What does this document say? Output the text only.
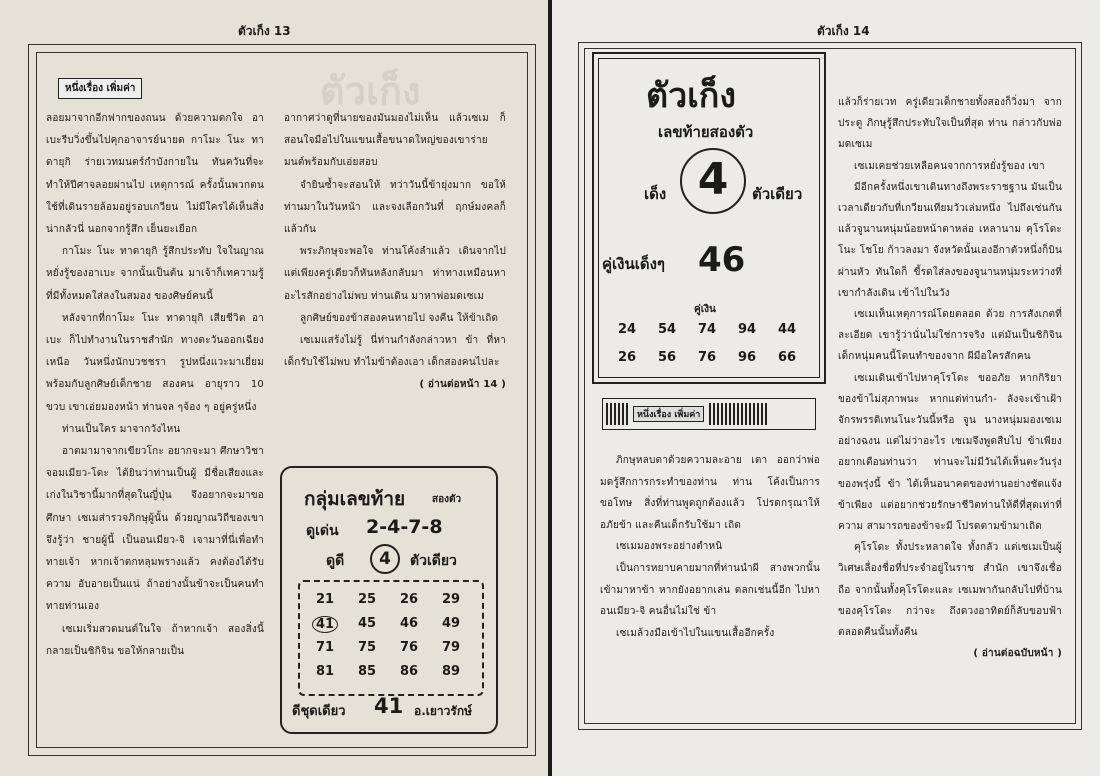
ตัวเก็ง 13
ตัวเก็ง
หนึ่งเรื่อง เพิ่มค่า

ลอยมาจากอีกฟากของถนน ด้วยความตกใจ อาเบะรีบวิ่งขึ้นไปคุกอาจารย์นายด กาโมะ โนะ ทาดายุกิ ร่ายเวทมนตร์กำบังกายใน ทันควันที่จะทำให้ปีศาจลอยผ่านไป เหตุการณ์ ครั้งนั้นพวกตนใช้ที่เดินรายล้อมอยู่รอบเกวียน ไม่มีใครได้เห็นสิ่งน่ากลัวนี่ นอกจากรู้สึก เย็นยะเยือก

กาโมะ โนะ ทาดายุกิ รู้สึกประทับ ใจในญาณหยั่งรู้ของอาเบะ จากนั้นเป็นต้น มาเจ้าก็เทความรู้ที่มีทั้งหมดใส่ลงในสมอง ของศิษย์คนนี้

หลังจากที่กาโมะ โนะ ทาดายุกิ เสียชีวิต อาเบะ ก็ไปทำงานในราชสำนัก ทางตะวันออกเฉียงเหนือ วันหนึ่งนักบวชชรา รูปหนึ่งแวะมาเยี่ยม พร้อมกับลูกศิษย์เด็กชาย สองคน อายุราว 10 ขวบ เขาเอ่ยมองหน้า ท่านจล ๆจ้อง ๆ อยู่ครู่หนึ่ง

ท่านเป็นใคร มาจากวังไหน

อาตมามาจากเขียวโกะ อยากจะมา ศึกษาวิชาจอมเมียว-โดะ ได้ยินว่าท่านเป็นผู้ มีชื่อเสียงและเก่งในวิชานี้มากที่สุดในญี่ปุ่น จึงอยากจะมาขอศึกษา เซเมส่ารวจภิกษุผู้นั้น ด้วยญาณวิถีของเขาจึงรู้ว่า ชายผู้นี้ เป็นอนเมียว-จิ เจามาที่นี่เพื่อทำทายเจ้า หากเจ้าตกหลุมพรางแล้ว คงต้องได้รับความ อับอายเป็นแน่ ถ้าอย่างนั้นข้าจะเป็นคนทำ ทายท่านเอง

เซเมเริ่มสวดมนต์ในใจ ถ้าหากเจ้า สองสิ่งนี้กลายเป็นชิกิจิน ขอให้กลายเป็น

อากาศว่าดูที่นายของมันมองไม่เห็น แล้วเซเม ก็สอนใจมือไปในแขนเสื้อขนาดใหญ่ของเขาร่าย มนต์พร้อมกับเอ่ยสอบ

จำยินซ้ำจะสอนให้ ทว่าวันนี้ข้ายุ่งมาก ขอให้ท่านมาในวันหน้า และจงเลือกวันที่ ฤกษ์มงคลก็แล้วกัน

พระภิกษุจะพอใจ ท่านโค้งลำแล้ว เดินจากไป แต่เพียงครู่เดียวก็หันหลังกลับมา ท่าทางเหมือนหาอะไรสักอย่างไม่พบ ท่านเดิน มาหาพ่อมดเซเม

ลูกศิษย์ของข้าสองคนหายไป จงคืน ให้ข้าเถิด

เซเมแสร้งไม่รู้ นี่ท่านกำลังกล่าวหา ข้า ที่หาเด็กรับใช้ไม่พบ ทำไมข้าต้องเอา เด็กสองคนไปละ

( อ่านต่อหน้า 14 )

กลุ่มเลขท้าย	สองตัว
ดูเด่น 2-4-7-8
ดูดี	4	ตัวเดียว
21	25	26	29
41	45	46	49
71	75	76	79
81	85	86	89
ดีชุดเดียว 41 อ.เยาวรักษ์
ตัวเก็ง 14
ตัวเก็ง
เลขท้ายสองตัว
เด็ง 4	ตัวเดียว
คู่เงินเด็งๆ 46
คู่เงิน
24	54	74	94	44
26	56	76	96	66
หนึ่งเรื่อง เพิ่มค่า

ภิกษุหลบตาด้วยความละอาย เตา ออกว่าพ่อมดรู้สึกการกระทำของท่าน ท่าน โค้งเป็นการขอโทษ สิ่งที่ท่านพูดถูกต้องแล้ว โปรดกรุณาให้อภัยข้า และคืนเด็กรับใช้มา เถิด

เซเมมองพระอย่างตำหนิ

เป็นการหยาบคายมากที่ท่านนำผี สางพวกนั้นเข้ามาหาข้า หากยังอยากเล่น ตลกเช่นนี้อีก ไปหาอนเมียว-จิ คนอื่นไม่ใช่ ข้า

เซเมล้วงมือเข้าไปในแขนเสื้ออีกครั้ง

แล้วก็ร่ายเวท ครู่เดียวเด็กชายทั้งสองก็วิ่งมา จากประตู ภิกษุรู้สึกประทับใจเป็นที่สุด ท่าน กล่าวกับพ่อมดเซเม

เซเมเคยช่วยเหลือคนจากการหยั่งรู้ของ เขา

มีอีกครั้งหนึ่งเขาเดินทางถึงพระราชฐาน มันเป็นเวลาเดียวกับที่เกวียนเทียมวัวเล่มหนึ่ง ไปถึงเช่นกัน แล้วจูนานหนุ่มน้อยหน้าตาหล่อ เหลานาม คุโรโดะ โนะ โชโย ก้าวลงมา จังหวัดนั้นเองอีกาตัวหนึ่งก็บินผ่านหัว ทันใดก็ ขี้รดใส่ลงของจูนานหนุ่มระหว่างที่เขากำลังเดิน เข้าไปในวัง

เซเมเห็นเหตุการณ์โดยตลอด ด้วย การสังเกตที่ละเอียด เขารู้ว่านั่นไม่ใช่การจริง แต่มันเป็นชิกิจิน เด็กหนุ่มคนนี้โดนทำของจาก ผีมือใครสักคน

เซเมเดินเข้าไปหาคุโรโดะ ขออภัย หากกิริยาของข้าไม่สุภาพนะ หากแต่ท่านกำ- ลังจะเข้าเฝ้าจักรพรรดิเทนโนะวันนี้หรือ จูน นางหนุ่มมองเซเมอย่างฉงน แต่ไม่ว่าอะไร เซเมจึงพูดสืบไป ข้าเพียงอยากเตือนท่านว่า ท่านจะไม่มีวันได้เห็นตะวันรุ่งของพรุ่งนี้ ข้า ได้เห็นอนาคตของท่านอย่างชัดแจ้ง ข้าเพียง แต่อยากช่วยรักษาชีวิตท่านให้ดีที่สุดเท่าที่ความ สามารถของข้าจะมี โปรดตามข้ามาเถิด

คุโรโดะ ทั้งประหลาดใจ ทั้งกลัว แต่เซเมเป็นผู้วิเศษเลื่องชื่อที่ประจำอยู่ในราช สำนัก เขาจึงเชื่อถือ จากนั้นทั้งคุโรโดะและ เซเมพากันกลับไปที่บ้านของคุโรโดะ กว่าจะ ถึงดวงอาทิตย์ก็ลับขอบฟ้า ตลอดคืนนั้นทั้งคืน

( อ่านต่อฉบับหน้า )
